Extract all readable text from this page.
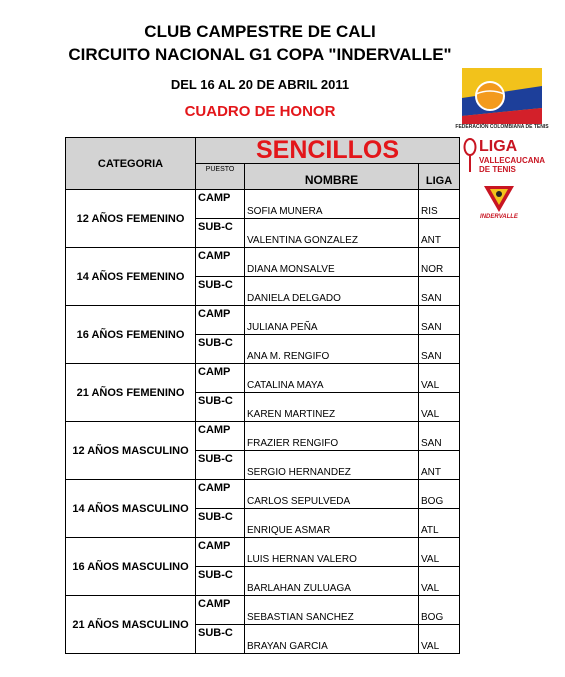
CLUB CAMPESTRE DE CALI
CIRCUITO NACIONAL G1 COPA "INDERVALLE"
DEL 16 AL 20 DE ABRIL 2011
CUADRO DE HONOR
FEDERACIÓN COLOMBIANA DE TENIS
LIGA
VALLECAUCANA
DE TENIS
INDERVALLE
CATEGORIA	SENCILLOS		
	PUESTO	NOMBRE	LIGA
12 AÑOS FEMENINO	CAMP	SOFIA MUNERA	RIS
	SUB-C	VALENTINA GONZALEZ	ANT
14 AÑOS FEMENINO	CAMP	DIANA MONSALVE	NOR
	SUB-C	DANIELA DELGADO	SAN
16 AÑOS FEMENINO	CAMP	JULIANA PEÑA	SAN
	SUB-C	ANA M. RENGIFO	SAN
21 AÑOS FEMENINO	CAMP	CATALINA MAYA	VAL
	SUB-C	KAREN MARTINEZ	VAL
12 AÑOS MASCULINO	CAMP	FRAZIER RENGIFO	SAN
	SUB-C	SERGIO HERNANDEZ	ANT
14 AÑOS MASCULINO	CAMP	CARLOS SEPULVEDA	BOG
	SUB-C	ENRIQUE ASMAR	ATL
16 AÑOS MASCULINO	CAMP	LUIS HERNAN VALERO	VAL
	SUB-C	BARLAHAN ZULUAGA	VAL
21 AÑOS MASCULINO	CAMP	SEBASTIAN SANCHEZ	BOG
	SUB-C	BRAYAN GARCIA	VAL
